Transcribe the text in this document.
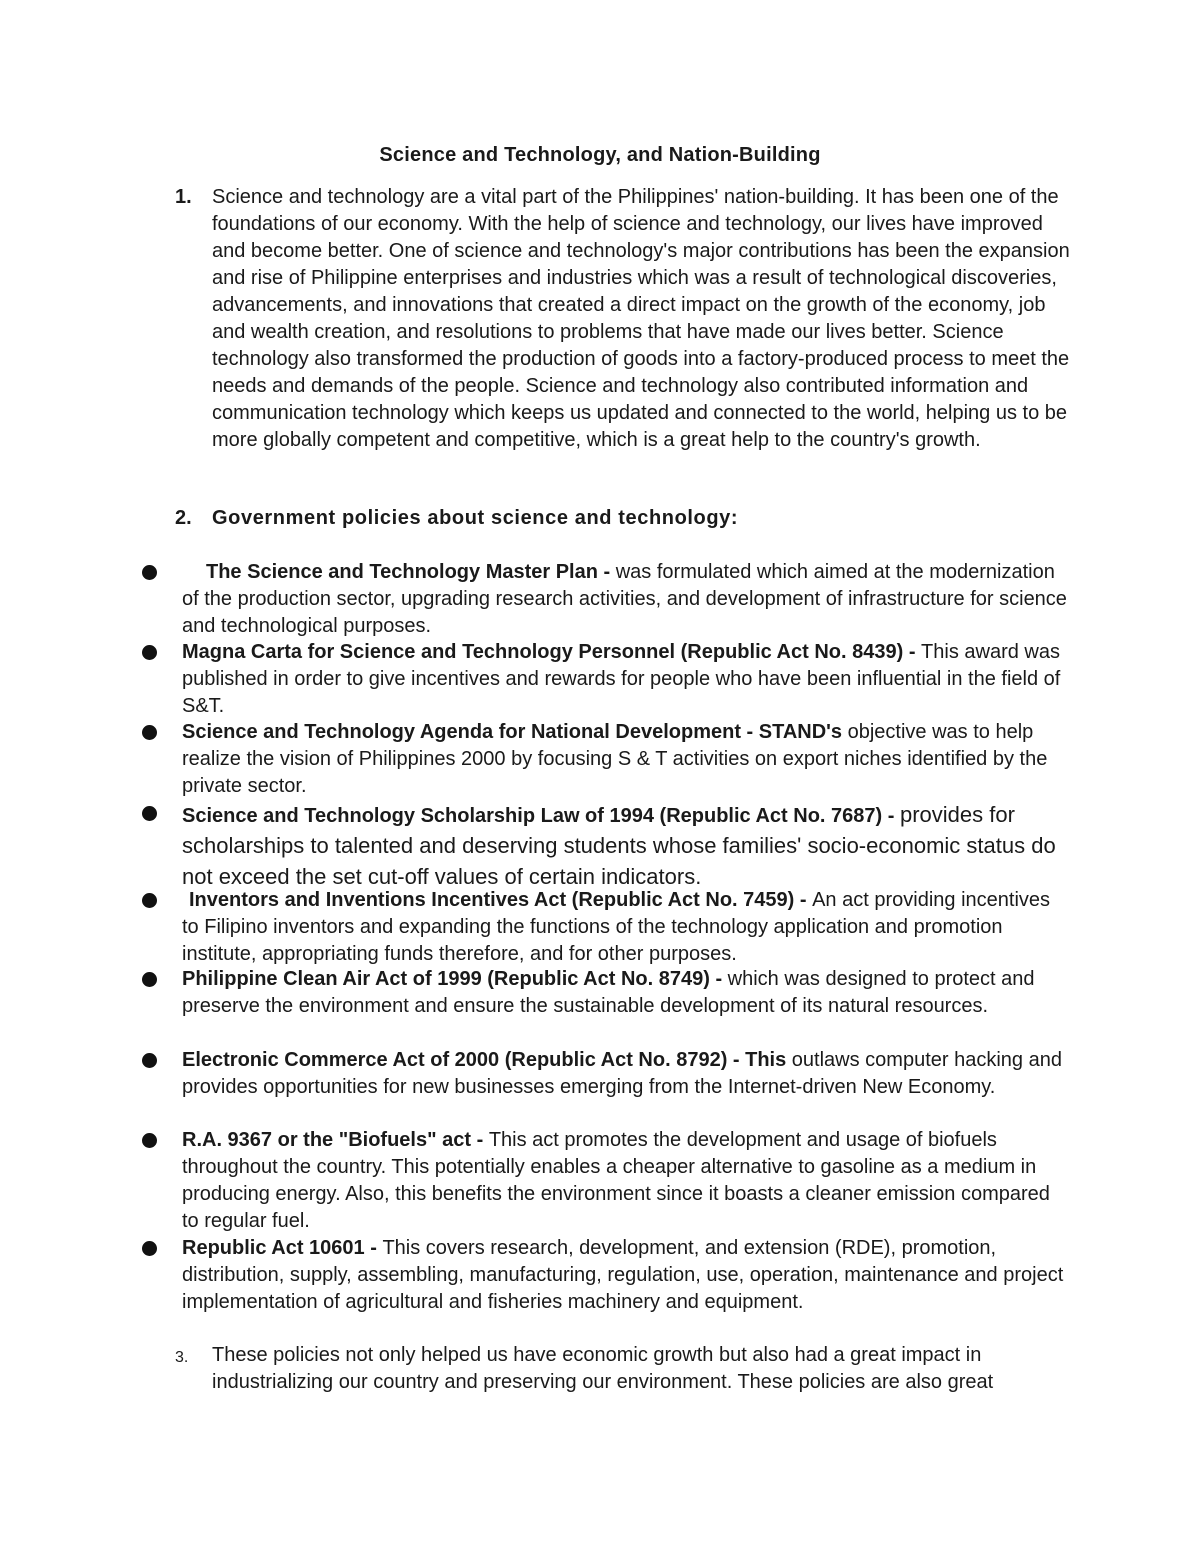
Science and Technology, and Nation-Building
1.	Science and technology are a vital part of the Philippines' nation-building. It has been one of the foundations of our economy. With the help of science and technology, our lives have improved and become better. One of science and technology's major contributions has been the expansion and rise of Philippine enterprises and industries which was a result of technological discoveries, advancements, and innovations that created a direct impact on the growth of the economy, job and wealth creation, and resolutions to problems that have made our lives better. Science technology also transformed the production of goods into a factory-produced process to meet the needs and demands of the people. Science and technology also contributed information and communication technology which keeps us updated and connected to the world, helping us to be more globally competent and competitive, which is a great help to the country's growth.
2.	Government policies about science and technology:
The Science and Technology Master Plan - was formulated which aimed at the modernization of the production sector, upgrading research activities, and development of infrastructure for science and technological purposes.
Magna Carta for Science and Technology Personnel (Republic Act No. 8439) - This award was published in order to give incentives and rewards for people who have been influential in the field of S&T.
Science and Technology Agenda for National Development - STAND's objective was to help realize the vision of Philippines 2000 by focusing S & T activities on export niches identified by the private sector.
Science and Technology Scholarship Law of 1994 (Republic Act No. 7687) - provides for scholarships to talented and deserving students whose families' socio-economic status do not exceed the set cut-off values of certain indicators.
Inventors and Inventions Incentives Act (Republic Act No. 7459) - An act providing incentives to Filipino inventors and expanding the functions of the technology application and promotion institute, appropriating funds therefore, and for other purposes.
Philippine Clean Air Act of 1999 (Republic Act No. 8749) - which was designed to protect and preserve the environment and ensure the sustainable development of its natural resources.
Electronic Commerce Act of 2000 (Republic Act No. 8792) - This outlaws computer hacking and provides opportunities for new businesses emerging from the Internet-driven New Economy.
R.A. 9367 or the "Biofuels" act - This act promotes the development and usage of biofuels throughout the country. This potentially enables a cheaper alternative to gasoline as a medium in producing energy. Also, this benefits the environment since it boasts a cleaner emission compared to regular fuel.
Republic Act 10601 - This covers research, development, and extension (RDE), promotion, distribution, supply, assembling, manufacturing, regulation, use, operation, maintenance and project implementation of agricultural and fisheries machinery and equipment.
3.	These policies not only helped us have economic growth but also had a great impact in industrializing our country and preserving our environment. These policies are also great
